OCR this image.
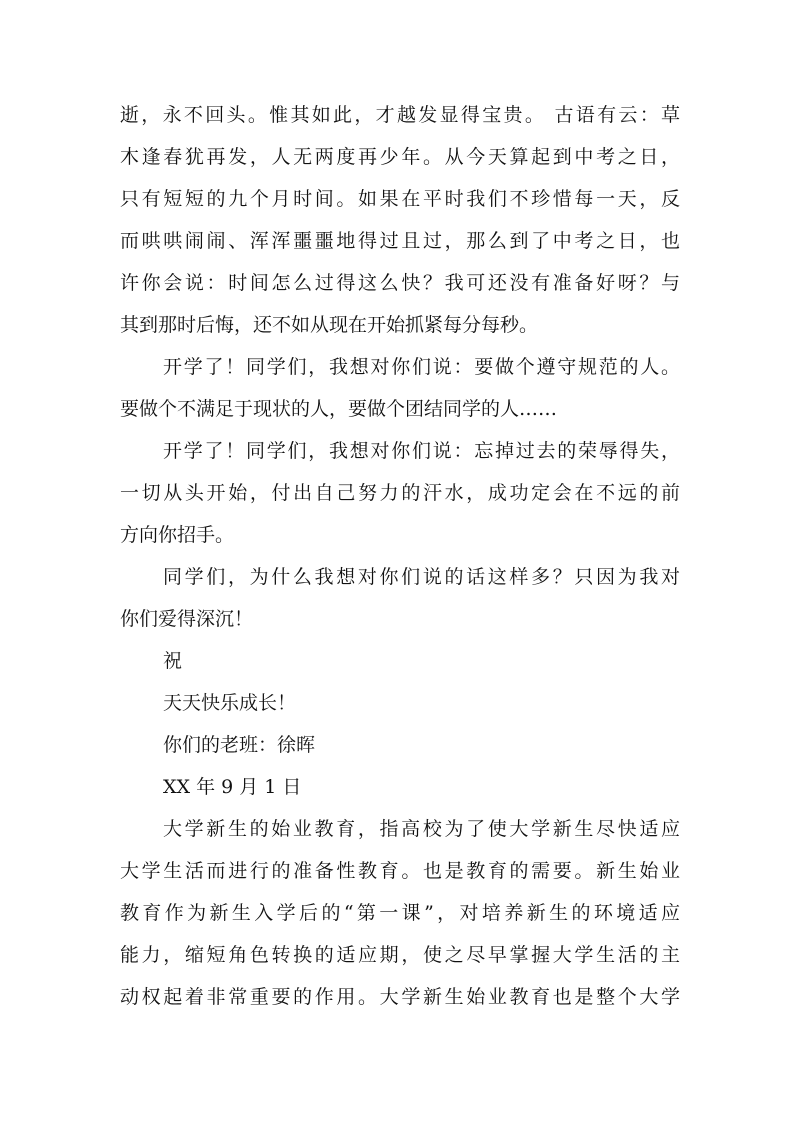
逝，永不回头。惟其如此，才越发显得宝贵。 古语有云：草
木逢春犹再发，人无两度再少年。从今天算起到中考之日，
只有短短的九个月时间。如果在平时我们不珍惜每一天，反
而哄哄闹闹、浑浑噩噩地得过且过，那么到了中考之日，也
许你会说：时间怎么过得这么快？我可还没有准备好呀？与
其到那时后悔，还不如从现在开始抓紧每分每秒。
开学了！同学们，我想对你们说：要做个遵守规范的人。
要做个不满足于现状的人，要做个团结同学的人……
开学了！同学们，我想对你们说：忘掉过去的荣辱得失，
一切从头开始，付出自己努力的汗水，成功定会在不远的前
方向你招手。
同学们，为什么我想对你们说的话这样多？只因为我对
你们爱得深沉！
祝
天天快乐成长！
你们的老班：徐晖
XX 年 9 月 1 日
大学新生的始业教育，指高校为了使大学新生尽快适应
大学生活而进行的准备性教育。也是教育的需要。新生始业
教育作为新生入学后的“第一课”，对培养新生的环境适应
能力，缩短角色转换的适应期，使之尽早掌握大学生活的主
动权起着非常重要的作用。大学新生始业教育也是整个大学
